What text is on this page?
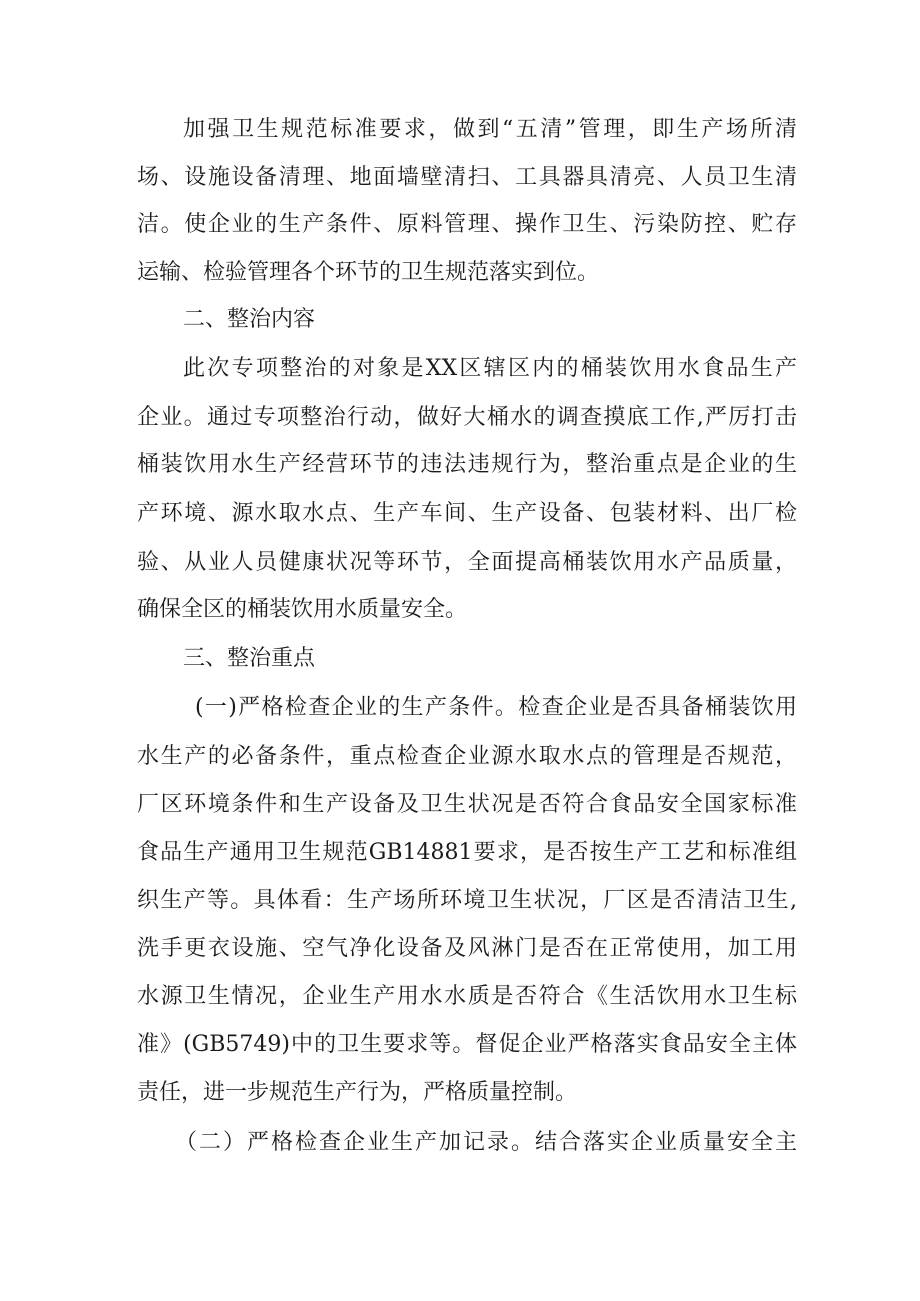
加强卫生规范标准要求，做到“五清”管理，即生产场所清
场、设施设备清理、地面墙壁清扫、工具器具清亮、人员卫生清
洁。使企业的生产条件、原料管理、操作卫生、污染防控、贮存
运输、检验管理各个环节的卫生规范落实到位。
二、整治内容
此次专项整治的对象是XX区辖区内的桶装饮用水食品生产
企业。通过专项整治行动，做好大桶水的调查摸底工作,严厉打击
桶装饮用水生产经营环节的违法违规行为，整治重点是企业的生
产环境、源水取水点、生产车间、生产设备、包装材料、出厂检
验、从业人员健康状况等环节，全面提高桶装饮用水产品质量，
确保全区的桶装饮用水质量安全。
三、整治重点
(一)严格检查企业的生产条件。检查企业是否具备桶装饮用
水生产的必备条件，重点检查企业源水取水点的管理是否规范，
厂区环境条件和生产设备及卫生状况是否符合食品安全国家标准
食品生产通用卫生规范GB14881要求，是否按生产工艺和标准组
织生产等。具体看：生产场所环境卫生状况，厂区是否清洁卫生,
洗手更衣设施、空气净化设备及风淋门是否在正常使用，加工用
水源卫生情况，企业生产用水水质是否符合《生活饮用水卫生标
准》(GB5749)中的卫生要求等。督促企业严格落实食品安全主体
责任，进一步规范生产行为，严格质量控制。
（二）严格检查企业生产加记录。结合落实企业质量安全主
